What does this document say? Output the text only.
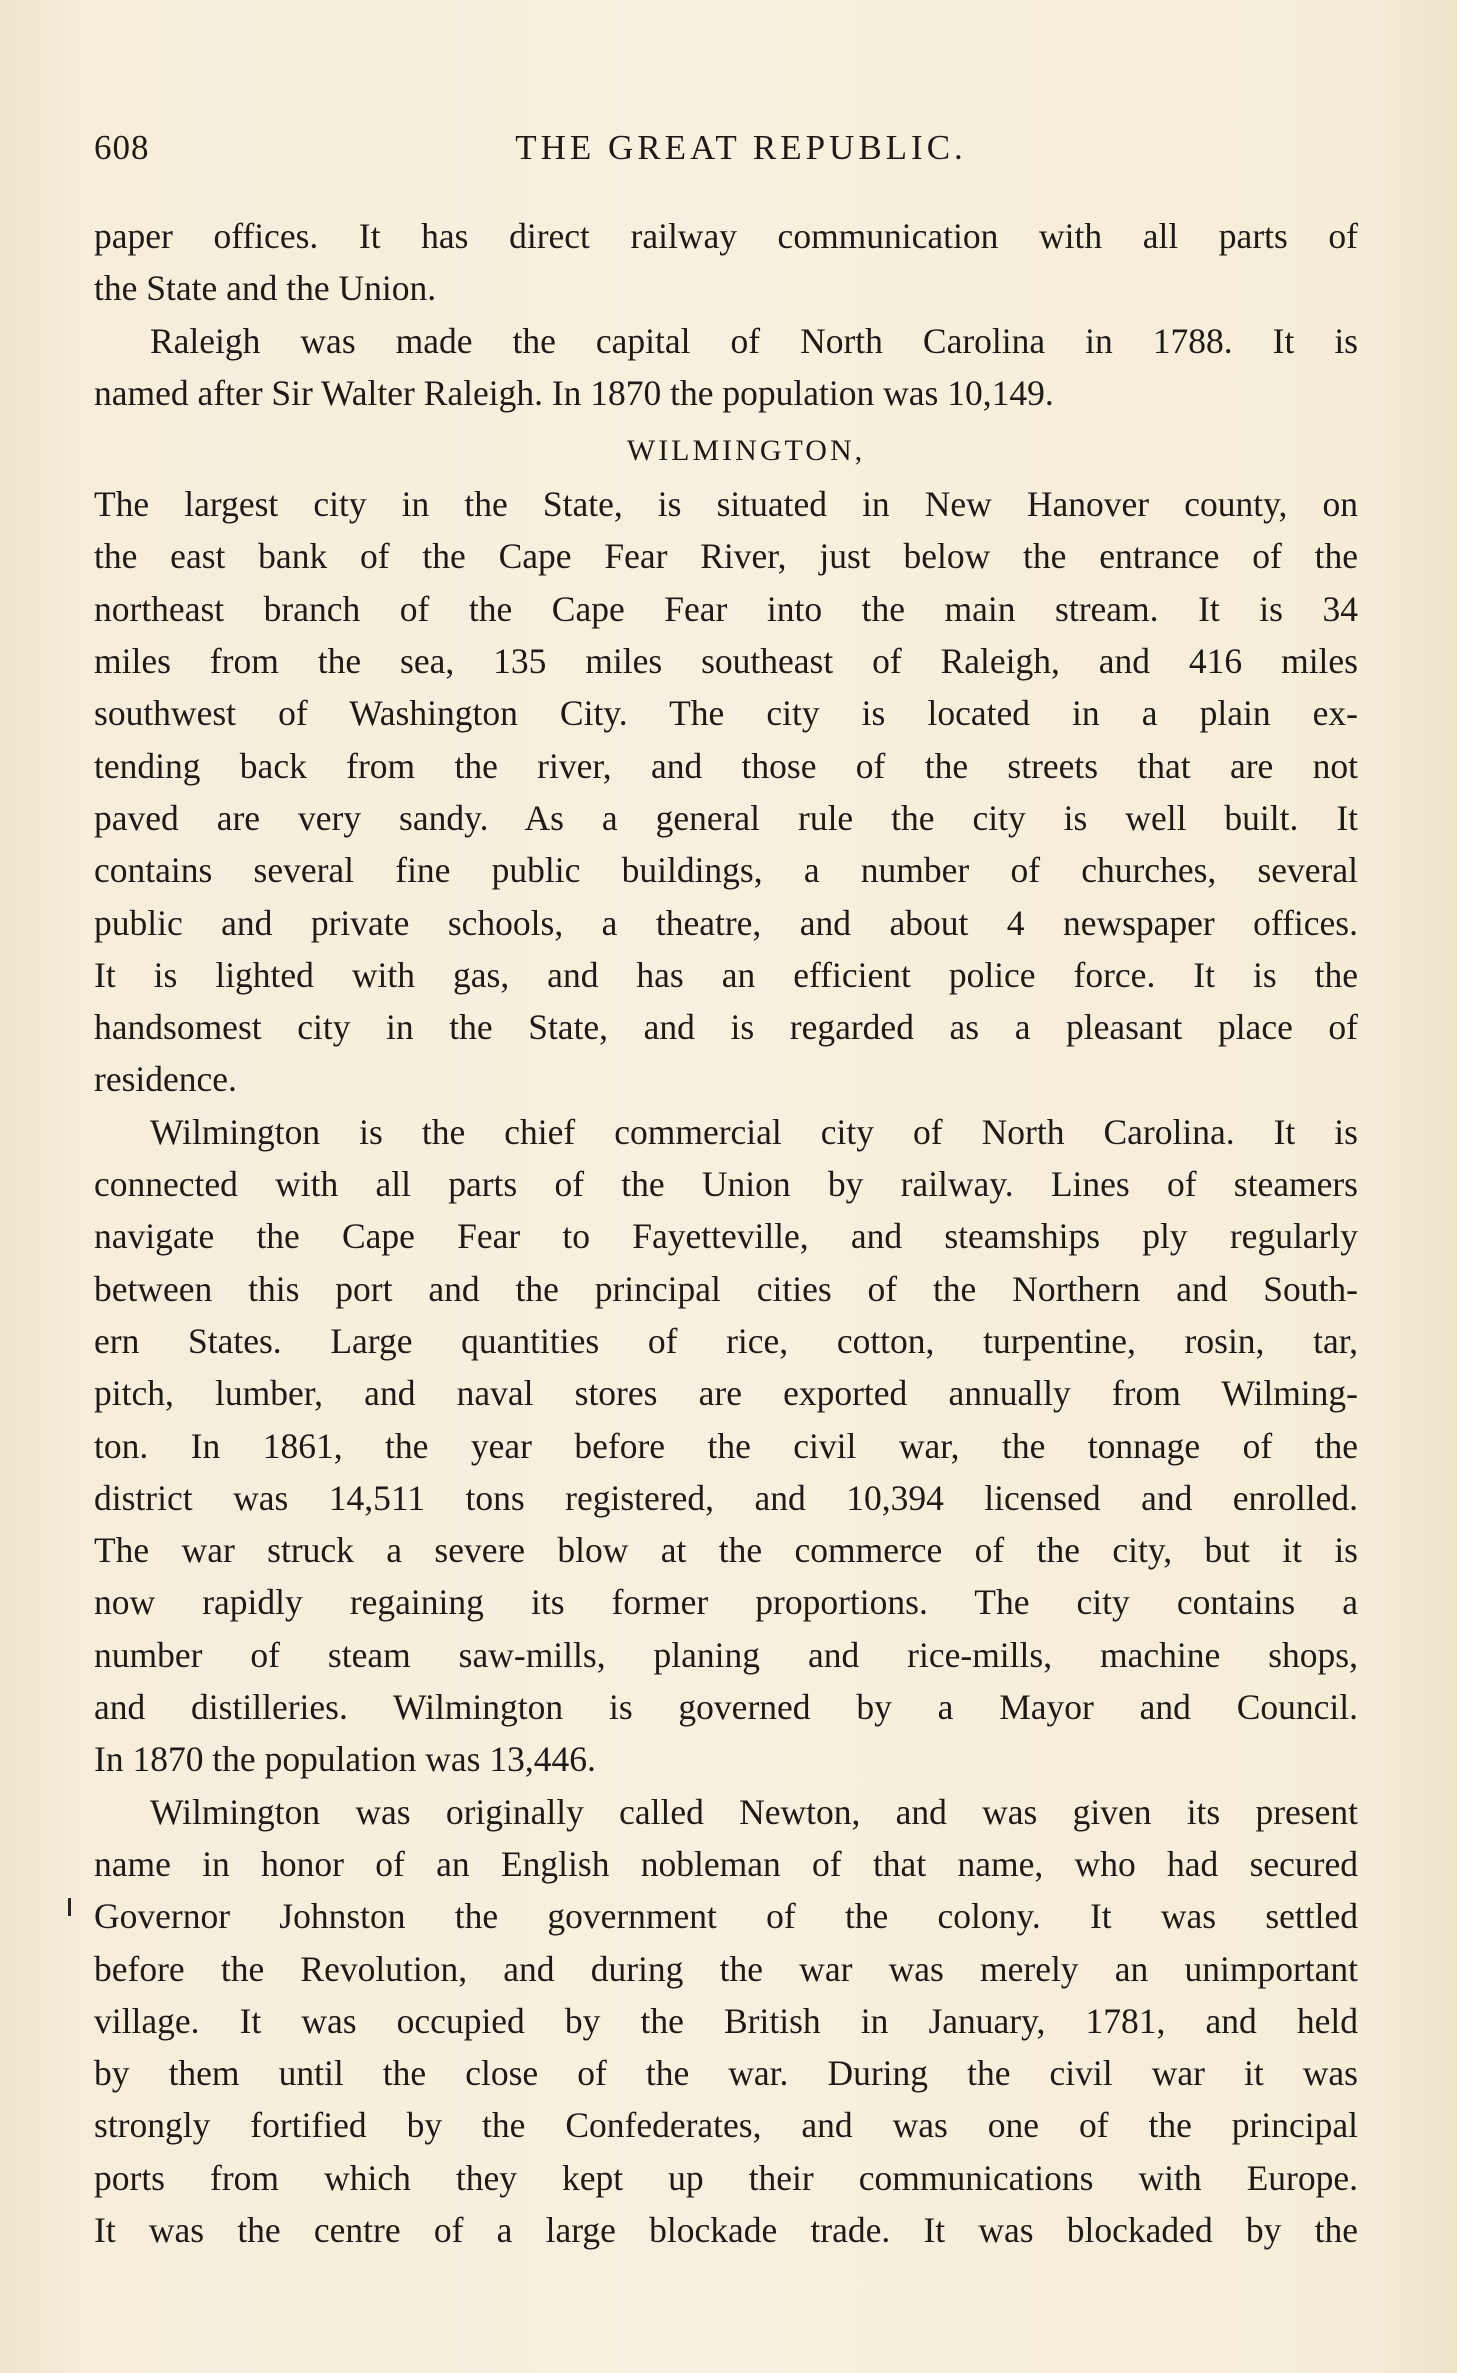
608	THE GREAT REPUBLIC.
paper offices. It has direct railway communication with all parts of
the State and the Union.
Raleigh was made the capital of North Carolina in 1788. It is
named after Sir Walter Raleigh. In 1870 the population was 10,149.
WILMINGTON,
The largest city in the State, is situated in New Hanover county, on
the east bank of the Cape Fear River, just below the entrance of the
northeast branch of the Cape Fear into the main stream. It is 34
miles from the sea, 135 miles southeast of Raleigh, and 416 miles
southwest of Washington City. The city is located in a plain ex-
tending back from the river, and those of the streets that are not
paved are very sandy. As a general rule the city is well built. It
contains several fine public buildings, a number of churches, several
public and private schools, a theatre, and about 4 newspaper offices.
It is lighted with gas, and has an efficient police force. It is the
handsomest city in the State, and is regarded as a pleasant place of
residence.
Wilmington is the chief commercial city of North Carolina. It is
connected with all parts of the Union by railway. Lines of steamers
navigate the Cape Fear to Fayetteville, and steamships ply regularly
between this port and the principal cities of the Northern and South-
ern States. Large quantities of rice, cotton, turpentine, rosin, tar,
pitch, lumber, and naval stores are exported annually from Wilming-
ton. In 1861, the year before the civil war, the tonnage of the
district was 14,511 tons registered, and 10,394 licensed and enrolled.
The war struck a severe blow at the commerce of the city, but it is
now rapidly regaining its former proportions. The city contains a
number of steam saw-mills, planing and rice-mills, machine shops,
and distilleries. Wilmington is governed by a Mayor and Council.
In 1870 the population was 13,446.
Wilmington was originally called Newton, and was given its present
name in honor of an English nobleman of that name, who had secured
Governor Johnston the government of the colony. It was settled
before the Revolution, and during the war was merely an unimportant
village. It was occupied by the British in January, 1781, and held
by them until the close of the war. During the civil war it was
strongly fortified by the Confederates, and was one of the principal
ports from which they kept up their communications with Europe.
It was the centre of a large blockade trade. It was blockaded by the
